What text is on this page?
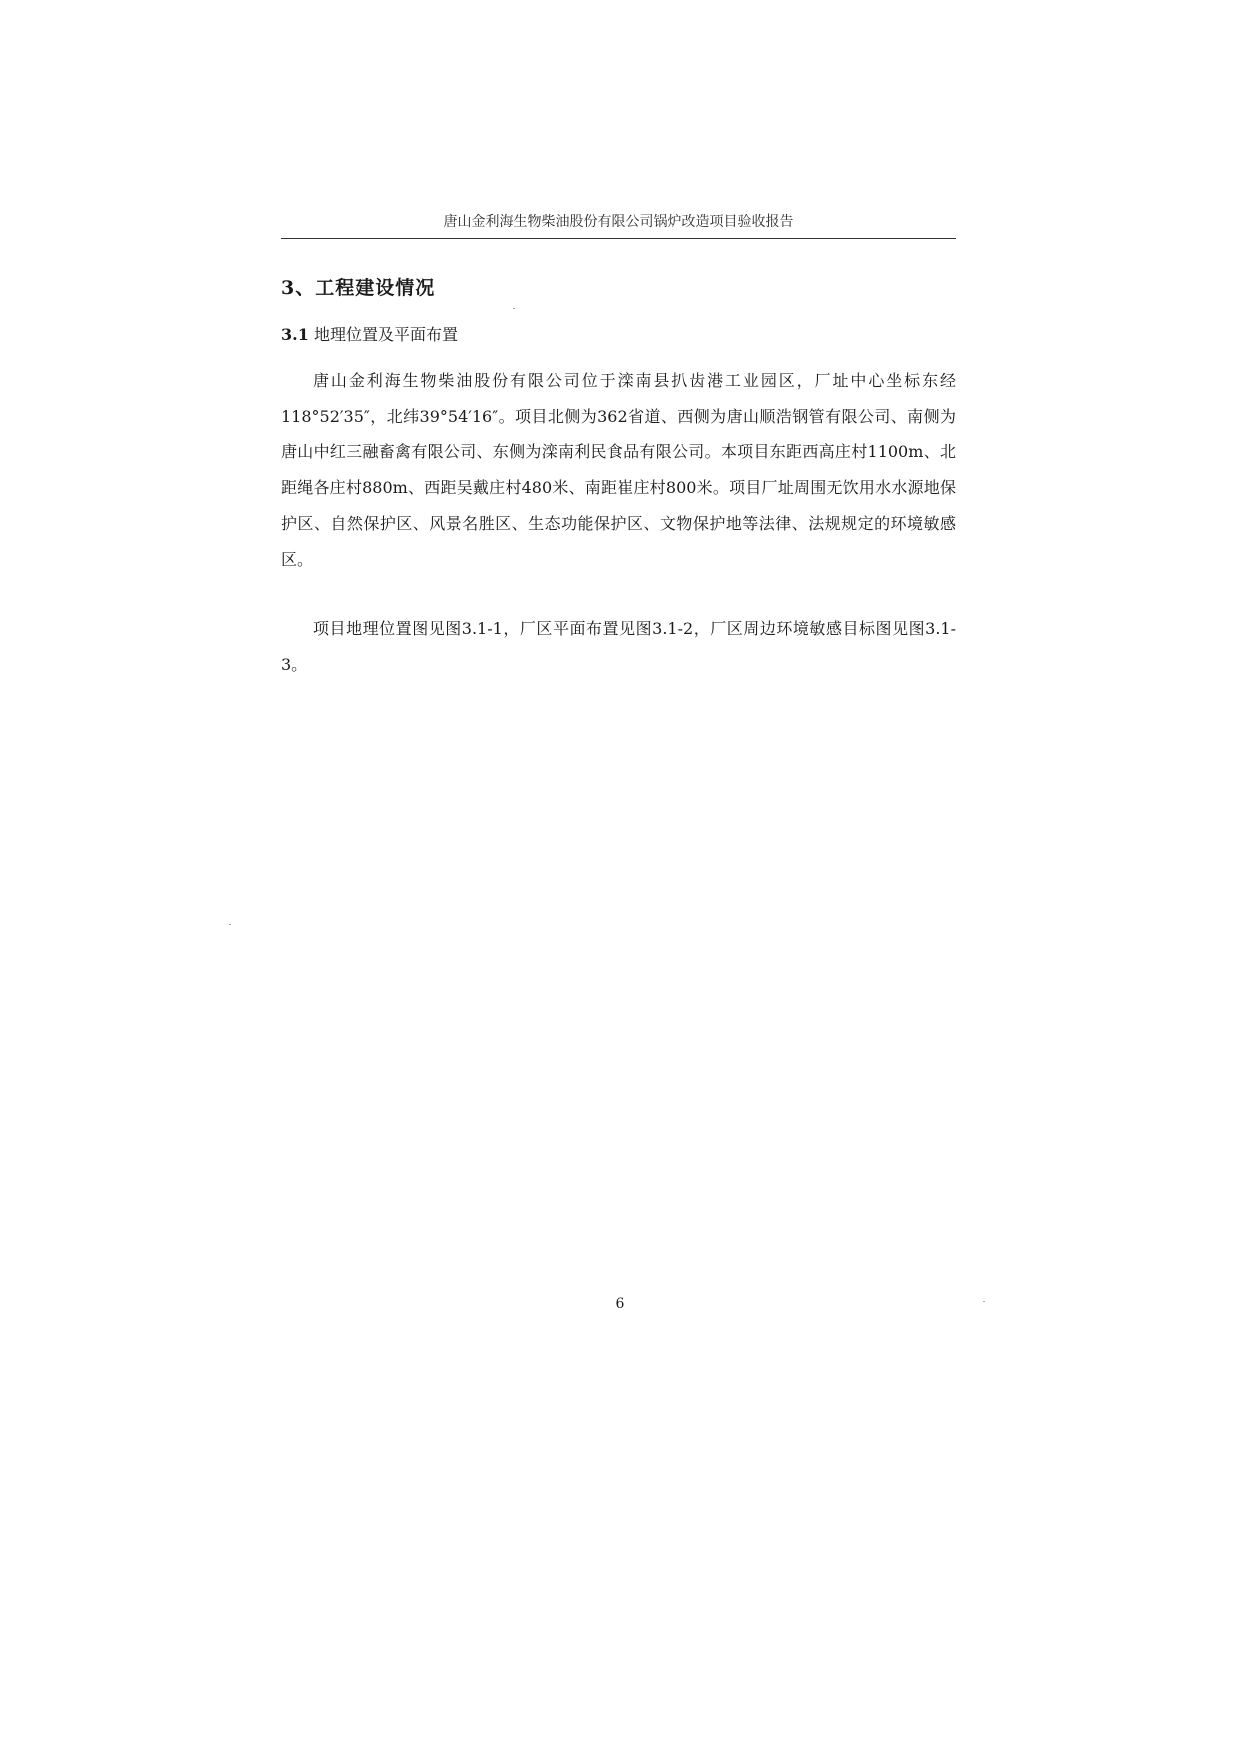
唐山金利海生物柴油股份有限公司锅炉改造项目验收报告
3、工程建设情况
3.1 地理位置及平面布置

唐山金利海生物柴油股份有限公司位于滦南县扒齿港工业园区，厂址中心坐标东经118°52′35″，北纬39°54′16″。项目北侧为362省道、西侧为唐山顺浩钢管有限公司、南侧为唐山中红三融畜禽有限公司、东侧为滦南利民食品有限公司。本项目东距西高庄村1100m、北距绳各庄村880m、西距吴戴庄村480米、南距崔庄村800米。项目厂址周围无饮用水水源地保护区、自然保护区、风景名胜区、生态功能保护区、文物保护地等法律、法规规定的环境敏感区。

项目地理位置图见图3.1-1，厂区平面布置见图3.1-2，厂区周边环境敏感目标图见图3.1-3。

6
